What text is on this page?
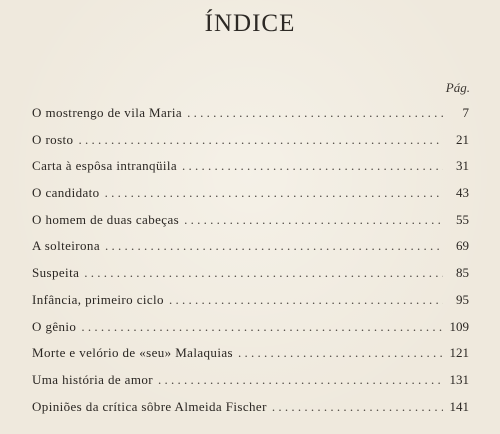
ÍNDICE
Pág.
O mostrengo de vila Maria . . .	7
O rosto . . .	21
Carta à espôsa intranqüila . . .	31
O candidato . . .	43
O homem de duas cabeças . . .	55
A solteirona . . .	69
Suspeita . . .	85
Infância, primeiro ciclo . . .	95
O gênio . . .	109
Morte e velório de «seu» Malaquias . . .	121
Uma história de amor . . .	131
Opiniões da crítica sôbre Almeida Fischer . . .	141
